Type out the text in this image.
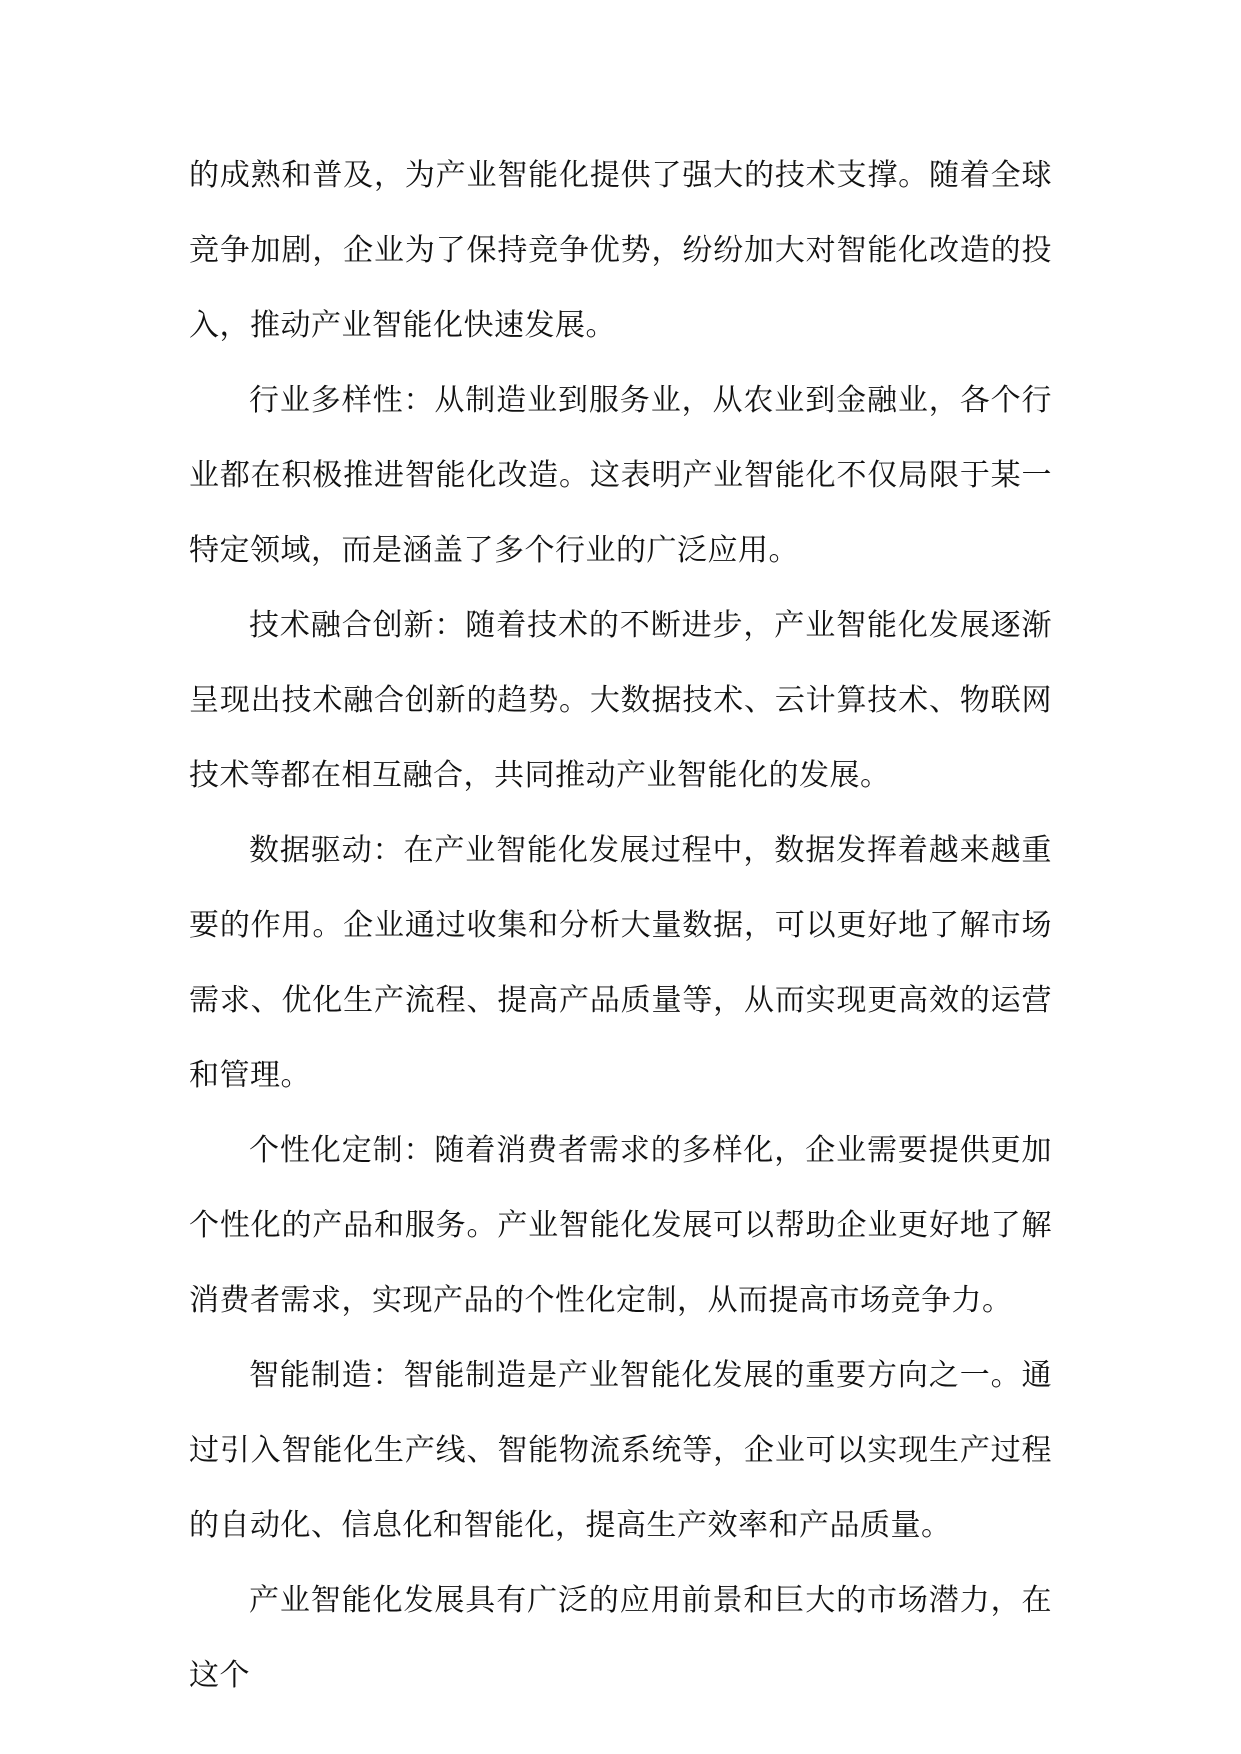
的成熟和普及，为产业智能化提供了强大的技术支撑。随着全球竞争加剧，企业为了保持竞争优势，纷纷加大对智能化改造的投入，推动产业智能化快速发展。

行业多样性：从制造业到服务业，从农业到金融业，各个行业都在积极推进智能化改造。这表明产业智能化不仅局限于某一特定领域，而是涵盖了多个行业的广泛应用。

技术融合创新：随着技术的不断进步，产业智能化发展逐渐呈现出技术融合创新的趋势。大数据技术、云计算技术、物联网技术等都在相互融合，共同推动产业智能化的发展。

数据驱动：在产业智能化发展过程中，数据发挥着越来越重要的作用。企业通过收集和分析大量数据，可以更好地了解市场需求、优化生产流程、提高产品质量等，从而实现更高效的运营和管理。

个性化定制：随着消费者需求的多样化，企业需要提供更加个性化的产品和服务。产业智能化发展可以帮助企业更好地了解消费者需求，实现产品的个性化定制，从而提高市场竞争力。

智能制造：智能制造是产业智能化发展的重要方向之一。通过引入智能化生产线、智能物流系统等，企业可以实现生产过程的自动化、信息化和智能化，提高生产效率和产品质量。

产业智能化发展具有广泛的应用前景和巨大的市场潜力，在这个
